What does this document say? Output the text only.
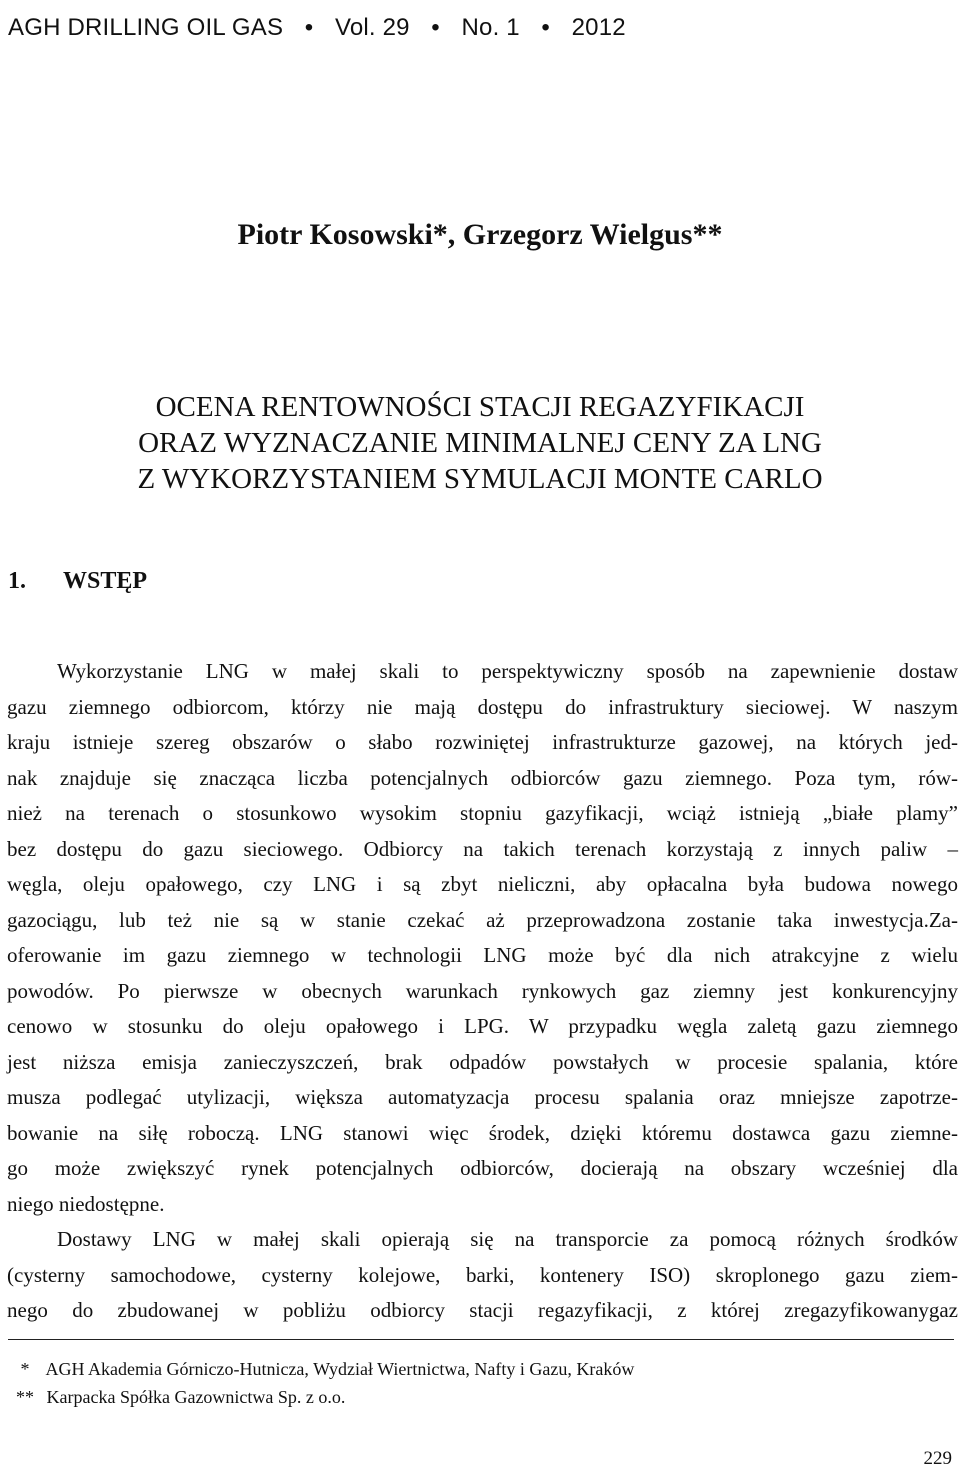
AGH DRILLING OIL GAS • Vol. 29 • No. 1 • 2012
Piotr Kosowski*, Grzegorz Wielgus**
OCENA RENTOWNOŚCI STACJI REGAZYFIKACJI
ORAZ WYZNACZANIE MINIMALNEJ CENY ZA LNG
Z WYKORZYSTANIEM SYMULACJI MONTE CARLO
1. WSTĘP
Wykorzystanie LNG w małej skali to perspektywiczny sposób na zapewnienie dostaw
gazu ziemnego odbiorcom, którzy nie mają dostępu do infrastruktury sieciowej. W naszym
kraju istnieje szereg obszarów o słabo rozwiniętej infrastrukturze gazowej, na których jed-
nak znajduje się znacząca liczba potencjalnych odbiorców gazu ziemnego. Poza tym, rów-
nież na terenach o stosunkowo wysokim stopniu gazyfikacji, wciąż istnieją „białe plamy”
bez dostępu do gazu sieciowego. Odbiorcy na takich terenach korzystają z innych paliw –
węgla, oleju opałowego, czy LNG i są zbyt nieliczni, aby opłacalna była budowa nowego
gazociągu, lub też nie są w stanie czekać aż przeprowadzona zostanie taka inwestycja.Za-
oferowanie im gazu ziemnego w technologii LNG może być dla nich atrakcyjne z wielu
powodów. Po pierwsze w obecnych warunkach rynkowych gaz ziemny jest konkurencyjny
cenowo w stosunku do oleju opałowego i LPG. W przypadku węgla zaletą gazu ziemnego
jest niższa emisja zanieczyszczeń, brak odpadów powstałych w procesie spalania, które
musza podlegać utylizacji, większa automatyzacja procesu spalania oraz mniejsze zapotrze-
bowanie na siłę roboczą. LNG stanowi więc środek, dzięki któremu dostawca gazu ziemne-
go może zwiększyć rynek potencjalnych odbiorców, docierają na obszary wcześniej dla
niego niedostępne.
Dostawy LNG w małej skali opierają się na transporcie za pomocą różnych środków
(cysterny samochodowe, cysterny kolejowe, barki, kontenery ISO) skroplonego gazu ziem-
nego do zbudowanej w pobliżu odbiorcy stacji regazyfikacji, z której zregazyfikowanygaz
* AGH Akademia Górniczo-Hutnicza, Wydział Wiertnictwa, Nafty i Gazu, Kraków
** Karpacka Spółka Gazownictwa Sp. z o.o.
229
